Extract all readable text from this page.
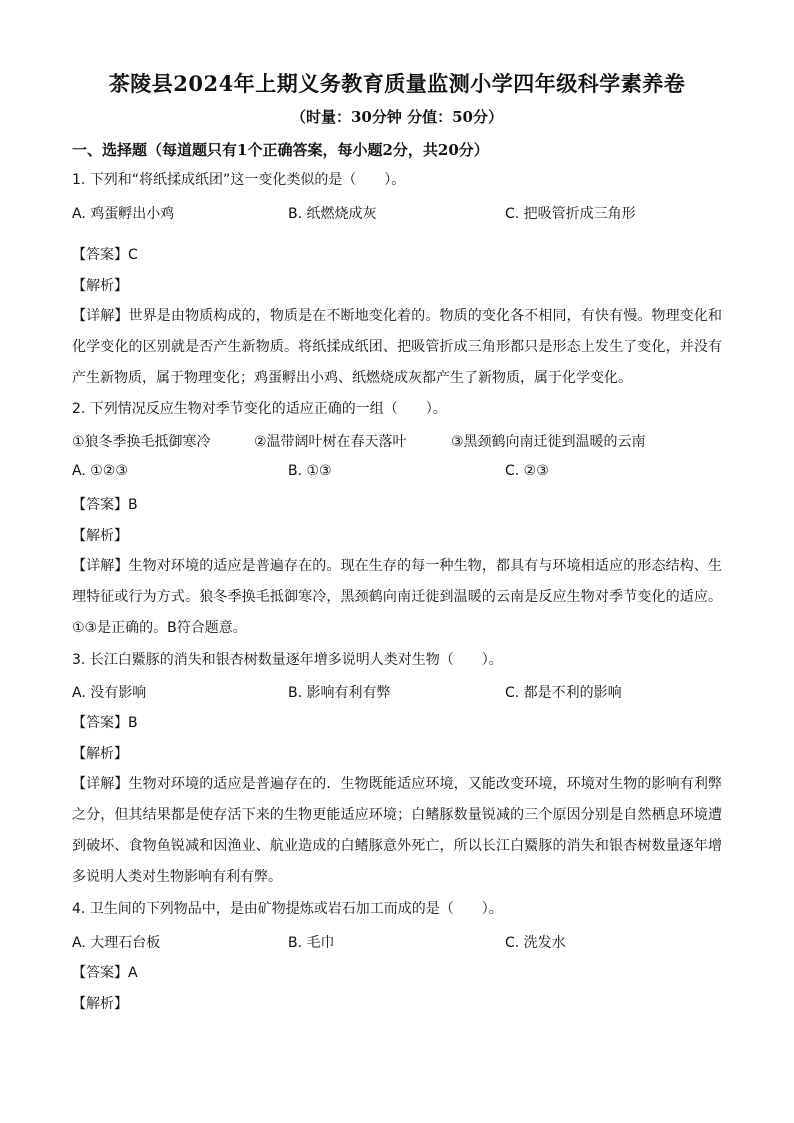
茶陵县2024年上期义务教育质量监测小学四年级科学素养卷
（时量：30分钟 分值：50分）
一、选择题（每道题只有1个正确答案，每小题2分，共20分）
1. 下列和“将纸揉成纸团”这一变化类似的是（　　）。
A. 鸡蛋孵出小鸡	B. 纸燃烧成灰	C. 把吸管折成三角形
【答案】C
【解析】
【详解】世界是由物质构成的，物质是在不断地变化着的。物质的变化各不相同，有快有慢。物理变化和化学变化的区别就是否产生新物质。将纸揉成纸团、把吸管折成三角形都只是形态上发生了变化，并没有产生新物质，属于物理变化；鸡蛋孵出小鸡、纸燃烧成灰都产生了新物质，属于化学变化。
2. 下列情况反应生物对季节变化的适应正确的一组（　　）。
①狼冬季换毛抵御寒冷	②温带阔叶树在春天落叶	③黑颈鹤向南迁徙到温暖的云南
A. ①②③	B. ①③	C. ②③
【答案】B
【解析】
【详解】生物对环境的适应是普遍存在的。现在生存的每一种生物，都具有与环境相适应的形态结构、生理特征或行为方式。狼冬季换毛抵御寒冷，黑颈鹤向南迁徙到温暖的云南是反应生物对季节变化的适应。①③是正确的。B符合题意。
3. 长江白鱀豚的消失和银杏树数量逐年增多说明人类对生物（　　）。
A. 没有影响	B. 影响有利有弊	C. 都是不利的影响
【答案】B
【解析】
【详解】生物对环境的适应是普遍存在的．生物既能适应环境，又能改变环境，环境对生物的影响有利弊之分，但其结果都是使存活下来的生物更能适应环境；白鳍豚数量锐减的三个原因分别是自然栖息环境遭到破坏、食物鱼锐减和因渔业、航业造成的白鳍豚意外死亡，所以长江白鱀豚的消失和银杏树数量逐年增多说明人类对生物影响有利有弊。
4. 卫生间的下列物品中，是由矿物提炼或岩石加工而成的是（　　）。
A. 大理石台板	B. 毛巾	C. 洗发水
【答案】A
【解析】
